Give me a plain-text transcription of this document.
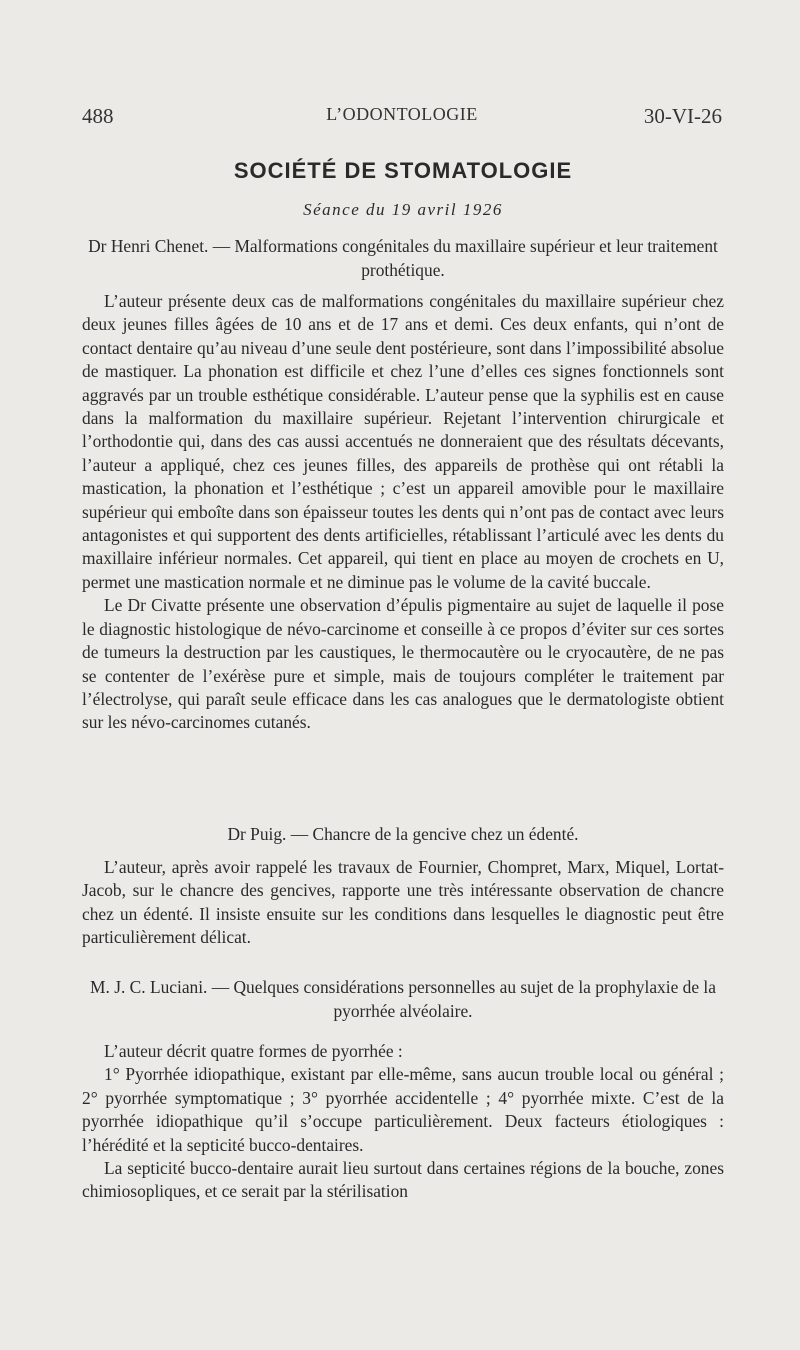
488	L’ODONTOLOGIE	30-VI-26
SOCIÉTÉ DE STOMATOLOGIE
Séance du 19 avril 1926
Dr Henri Chenet. — Malformations congénitales du maxillaire supérieur et leur traitement prothétique.

L’auteur présente deux cas de malformations congénitales du maxillaire supérieur chez deux jeunes filles âgées de 10 ans et de 17 ans et demi. Ces deux enfants, qui n’ont de contact dentaire qu’au niveau d’une seule dent postérieure, sont dans l’impossibilité absolue de mastiquer. La phonation est difficile et chez l’une d’elles ces signes fonctionnels sont aggravés par un trouble esthétique considérable. L’auteur pense que la syphilis est en cause dans la malformation du maxillaire supérieur. Rejetant l’intervention chirurgicale et l’orthodontie qui, dans des cas aussi accentués ne donneraient que des résultats décevants, l’auteur a appliqué, chez ces jeunes filles, des appareils de prothèse qui ont rétabli la mastication, la phonation et l’esthétique ; c’est un appareil amovible pour le maxillaire supérieur qui emboîte dans son épaisseur toutes les dents qui n’ont pas de contact avec leurs antagonistes et qui supportent des dents artificielles, rétablissant l’articulé avec les dents du maxillaire inférieur normales. Cet appareil, qui tient en place au moyen de crochets en U, permet une mastication normale et ne diminue pas le volume de la cavité buccale.

Le Dr Civatte présente une observation d’épulis pigmentaire au sujet de laquelle il pose le diagnostic histologique de névo-carcinome et conseille à ce propos d’éviter sur ces sortes de tumeurs la destruction par les caustiques, le thermocautère ou le cryocautère, de ne pas se contenter de l’exérèse pure et simple, mais de toujours compléter le traitement par l’électrolyse, qui paraît seule efficace dans les cas analogues que le dermatologiste obtient sur les névo-carcinomes cutanés.

Dr Puig. — Chancre de la gencive chez un édenté.

L’auteur, après avoir rappelé les travaux de Fournier, Chompret, Marx, Miquel, Lortat-Jacob, sur le chancre des gencives, rapporte une très intéressante observation de chancre chez un édenté. Il insiste ensuite sur les conditions dans lesquelles le diagnostic peut être particulièrement délicat.

M. J. C. Luciani. — Quelques considérations personnelles au sujet de la prophylaxie de la pyorrhée alvéolaire.

L’auteur décrit quatre formes de pyorrhée :

1° Pyorrhée idiopathique, existant par elle-même, sans aucun trouble local ou général ; 2° pyorrhée symptomatique ; 3° pyorrhée accidentelle ; 4° pyorrhée mixte. C’est de la pyorrhée idiopathique qu’il s’occupe particulièrement. Deux facteurs étiologiques : l’hérédité et la septicité bucco-dentaires.

La septicité bucco-dentaire aurait lieu surtout dans certaines régions de la bouche, zones chimiosopliques, et ce serait par la stérilisation
